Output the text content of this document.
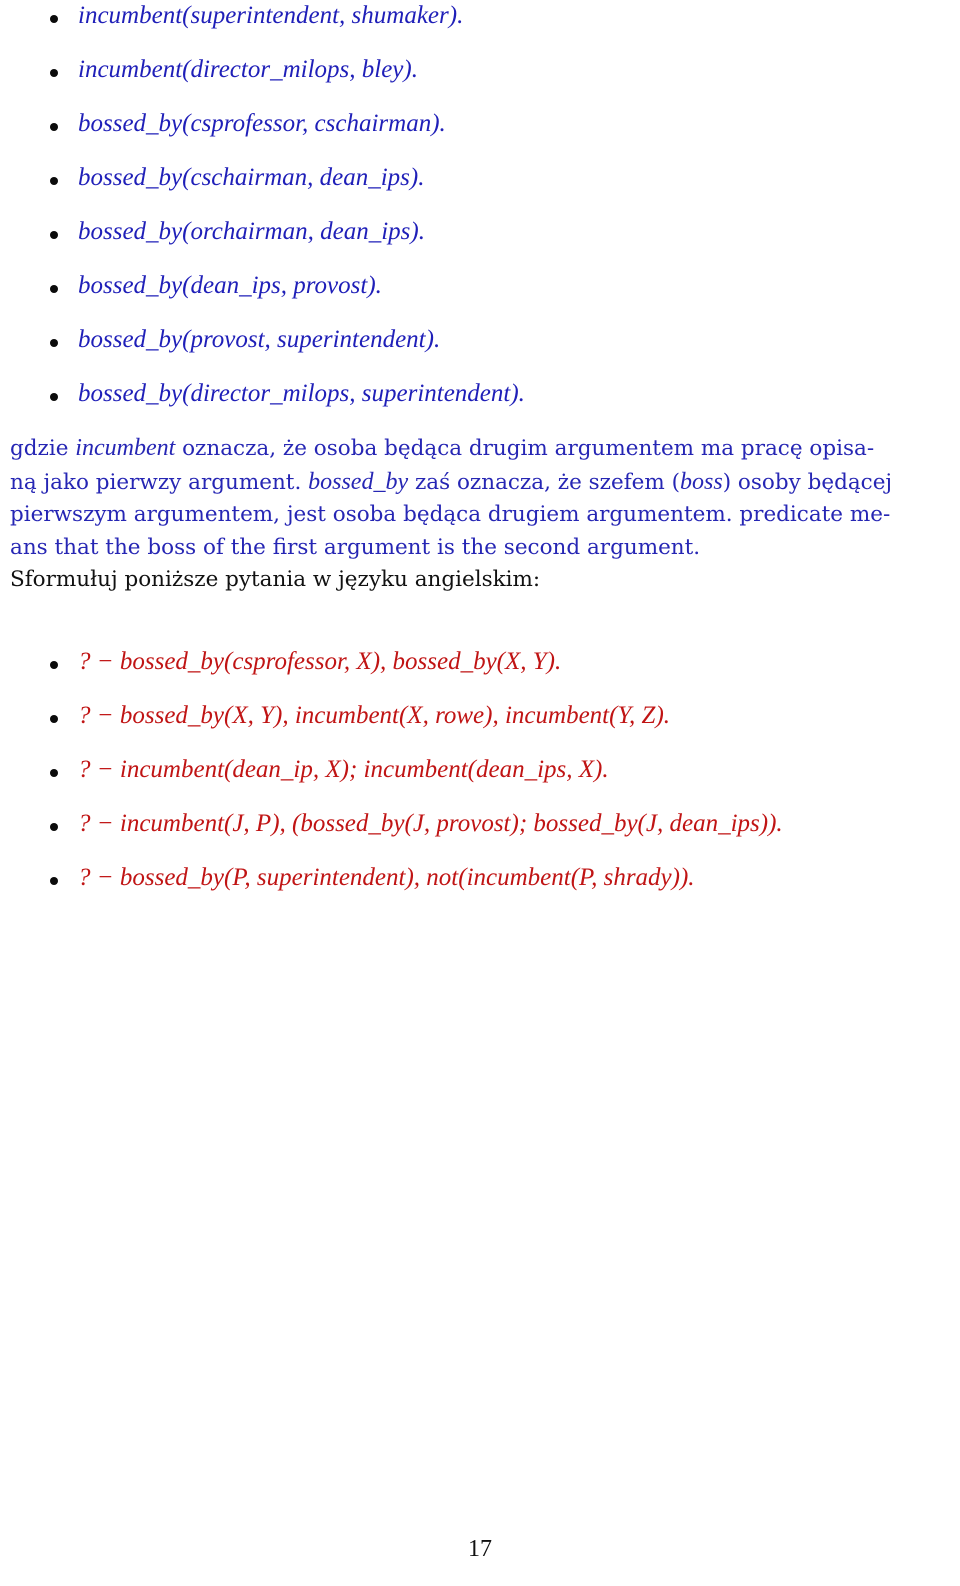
incumbent(superintendent, shumaker).
incumbent(director_milops, bley).
bossed_by(csprofessor, cschairman).
bossed_by(cschairman, dean_ips).
bossed_by(orchairman, dean_ips).
bossed_by(dean_ips, provost).
bossed_by(provost, superintendent).
bossed_by(director_milops, superintendent).

gdzie incumbent oznacza, że osoba będąca drugim argumentem ma pracę opisa-
ną jako pierwzy argument. bossed_by zaś oznacza, że szefem (boss) osoby będącej
pierwszym argumentem, jest osoba będąca drugiem argumentem. predicate me-
ans that the boss of the first argument is the second argument.
Sformułuj poniższe pytania w języku angielskim:

? − bossed_by(csprofessor, X), bossed_by(X, Y).
? − bossed_by(X, Y), incumbent(X, rowe), incumbent(Y, Z).
? − incumbent(dean_ip, X); incumbent(dean_ips, X).
? − incumbent(J, P), (bossed_by(J, provost); bossed_by(J, dean_ips)).
? − bossed_by(P, superintendent), not(incumbent(P, shrady)).
17
